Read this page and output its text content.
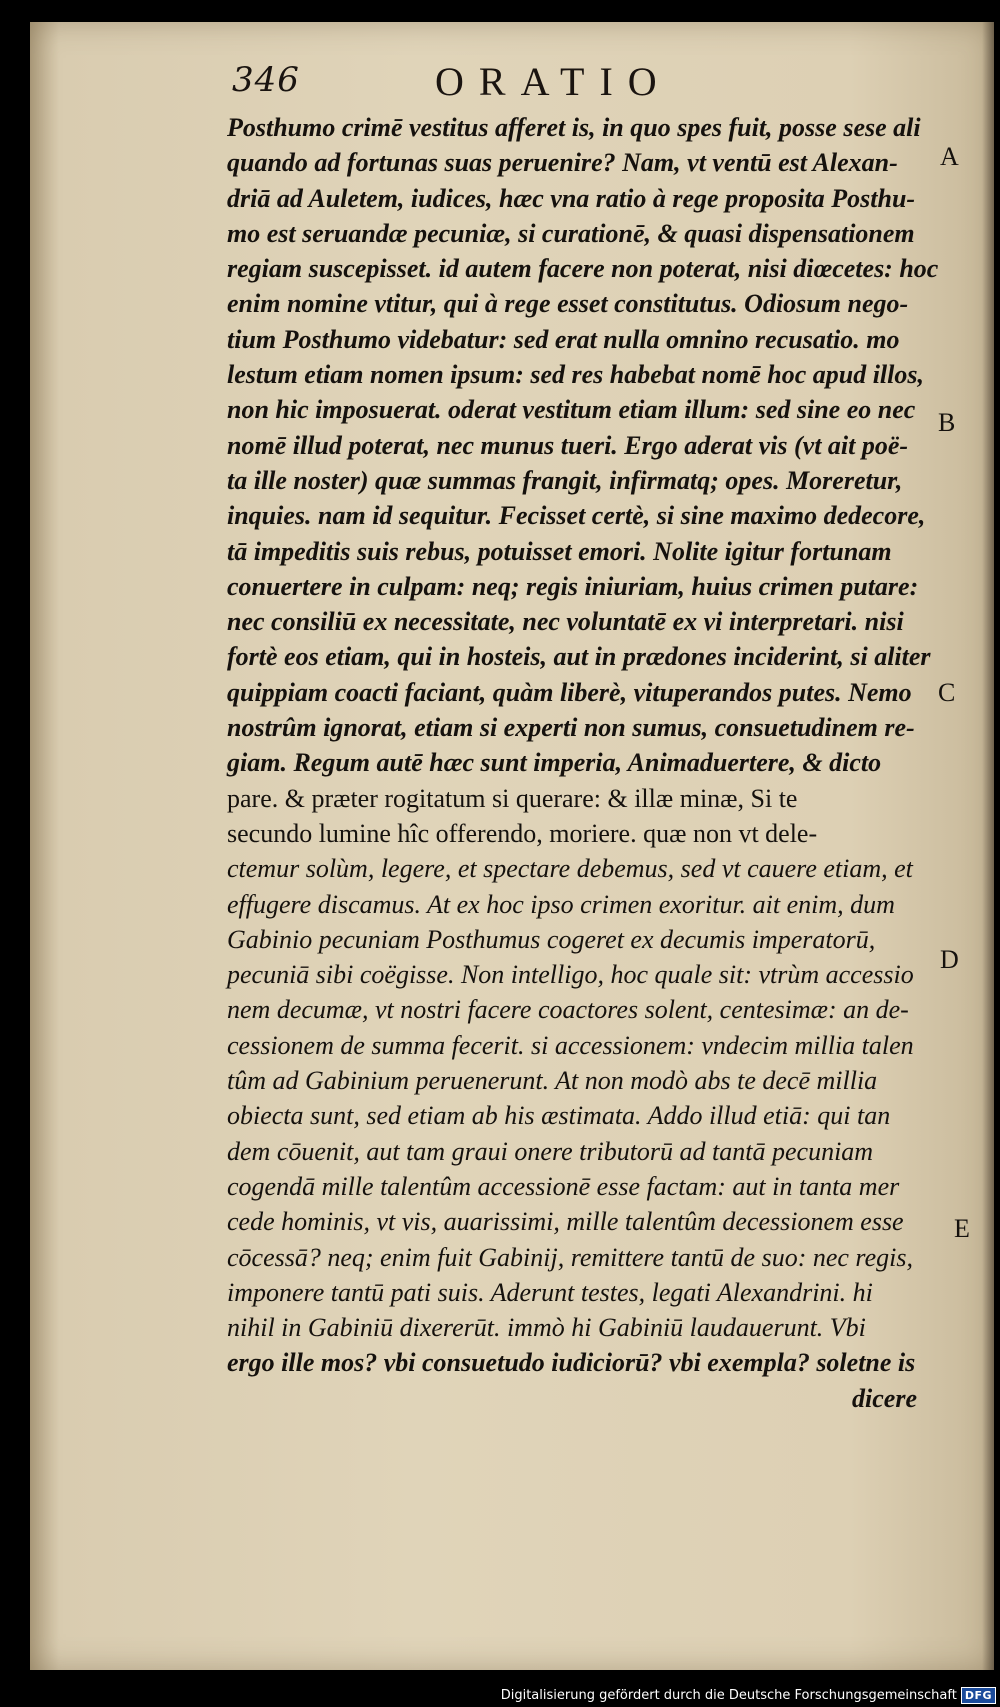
346	ORATIO
Posthumo crimē vestitus afferet is, in quo spes fuit, posse sese ali
quando ad fortunas suas peruenire? Nam, vt ventū est Alexan-
driā ad Auletem, iudices, hæc vna ratio à rege proposita Posthu-
mo est seruandæ pecuniæ, si curationē, & quasi dispensationem
regiam suscepisset. id autem facere non poterat, nisi diœcetes: hoc
enim nomine vtitur, qui à rege esset constitutus. Odiosum nego-
tium Posthumo videbatur: sed erat nulla omnino recusatio. mo
lestum etiam nomen ipsum: sed res habebat nomē hoc apud illos,
non hic imposuerat. oderat vestitum etiam illum: sed sine eo nec
nomē illud poterat, nec munus tueri. Ergo aderat vis (vt ait poë-
ta ille noster) quæ summas frangit, infirmatq; opes. Moreretur,
inquies. nam id sequitur. Fecisset certè, si sine maximo dedecore,
tā impeditis suis rebus, potuisset emori. Nolite igitur fortunam
conuertere in culpam: neq; regis iniuriam, huius crimen putare:
nec consiliū ex necessitate, nec voluntatē ex vi interpretari. nisi
fortè eos etiam, qui in hosteis, aut in prædones inciderint, si aliter
quippiam coacti faciant, quàm liberè, vituperandos putes. Nemo
nostrûm ignorat, etiam si experti non sumus, consuetudinem re-
giam. Regum autē hæc sunt imperia, Animaduertere, & dicto
pare. & præter rogitatum si querare: & illæ minæ, Si te
secundo lumine hîc offerendo, moriere. quæ non vt dele-
ctemur solùm, legere, et spectare debemus, sed vt cauere etiam, et
effugere discamus. At ex hoc ipso crimen exoritur. ait enim, dum
Gabinio pecuniam Posthumus cogeret ex decumis imperatorū,
pecuniā sibi coëgisse. Non intelligo, hoc quale sit: vtrùm accessio
nem decumæ, vt nostri facere coactores solent, centesimæ: an de-
cessionem de summa fecerit. si accessionem: vndecim millia talen
tûm ad Gabinium peruenerunt. At non modò abs te decē millia
obiecta sunt, sed etiam ab his æstimata. Addo illud etiā: qui tan
dem cōuenit, aut tam graui onere tributorū ad tantā pecuniam
cogendā mille talentûm accessionē esse factam: aut in tanta mer
cede hominis, vt vis, auarissimi, mille talentûm decessionem esse
cōcessā? neq; enim fuit Gabinij, remittere tantū de suo: nec regis,
imponere tantū pati suis. Aderunt testes, legati Alexandrini. hi
nihil in Gabiniū dixererūt. immò hi Gabiniū laudauerunt. Vbi
ergo ille mos? vbi consuetudo iudiciorū? vbi exempla? soletne is
dicere
A
B
C
D
E
Digitalisierung gefördert durch die Deutsche Forschungsgemeinschaft DFG
